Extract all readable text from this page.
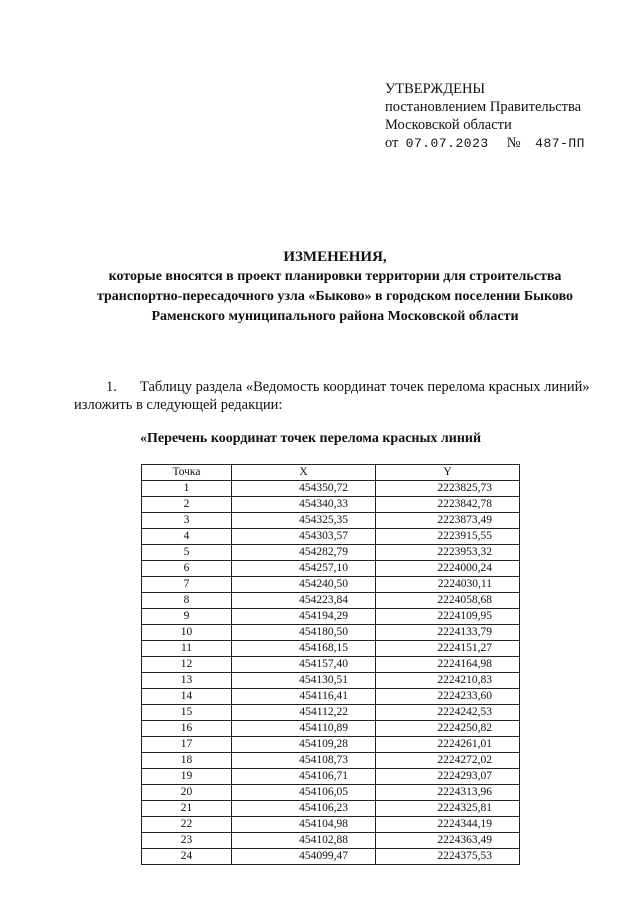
УТВЕРЖДЕНЫ
постановлением Правительства
Московской области
от 07.07.2023 № 487-ПП
ИЗМЕНЕНИЯ,
которые вносятся в проект планировки территории для строительства
транспортно-пересадочного узла «Быково» в городском поселении Быково
Раменского муниципального района Московской области
1. Таблицу раздела «Ведомость координат точек перелома красных линий» изложить в следующей редакции:
«Перечень координат точек перелома красных линий
Точка	X	Y
1	454350,72	2223825,73
2	454340,33	2223842,78
3	454325,35	2223873,49
4	454303,57	2223915,55
5	454282,79	2223953,32
6	454257,10	2224000,24
7	454240,50	2224030,11
8	454223,84	2224058,68
9	454194,29	2224109,95
10	454180,50	2224133,79
11	454168,15	2224151,27
12	454157,40	2224164,98
13	454130,51	2224210,83
14	454116,41	2224233,60
15	454112,22	2224242,53
16	454110,89	2224250,82
17	454109,28	2224261,01
18	454108,73	2224272,02
19	454106,71	2224293,07
20	454106,05	2224313,96
21	454106,23	2224325,81
22	454104,98	2224344,19
23	454102,88	2224363,49
24	454099,47	2224375,53
